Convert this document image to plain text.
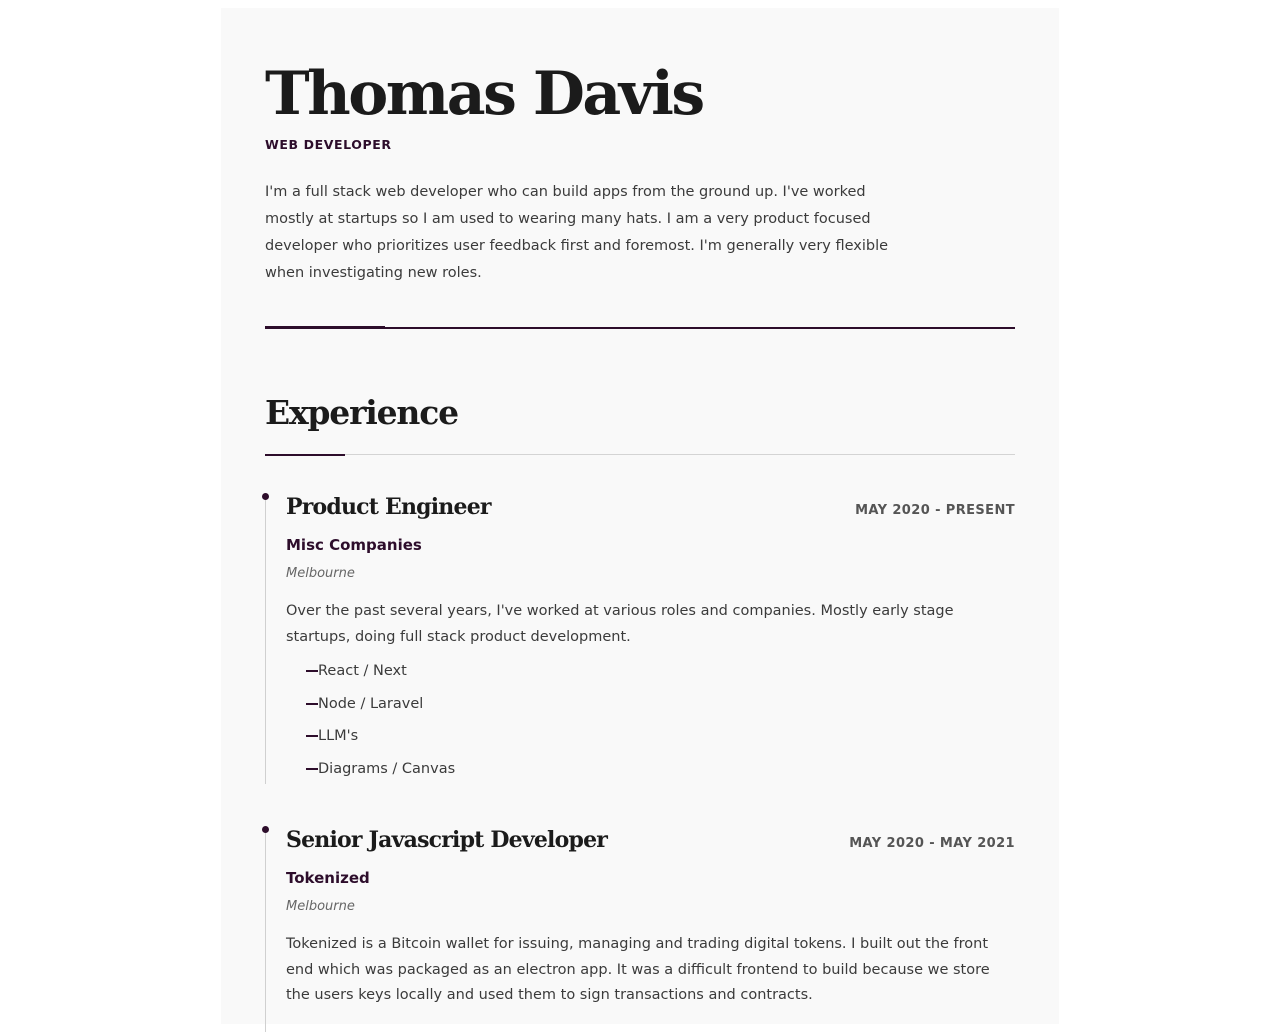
Thomas Davis
WEB DEVELOPER

I'm a full stack web developer who can build apps from the ground up. I've worked mostly at startups so I am used to wearing many hats. I am a very product focused developer who prioritizes user feedback first and foremost. I'm generally very flexible when investigating new roles.

Experience
Product Engineer	MAY 2020 - PRESENT
Misc Companies
Melbourne

Over the past several years, I've worked at various roles and companies. Mostly early stage startups, doing full stack product development.

React / Next
Node / Laravel
LLM's
Diagrams / Canvas
Senior Javascript Developer	MAY 2020 - MAY 2021
Tokenized
Melbourne

Tokenized is a Bitcoin wallet for issuing, managing and trading digital tokens. I built out the front end which was packaged as an electron app. It was a difficult frontend to build because we store the users keys locally and used them to sign transactions and contracts.
